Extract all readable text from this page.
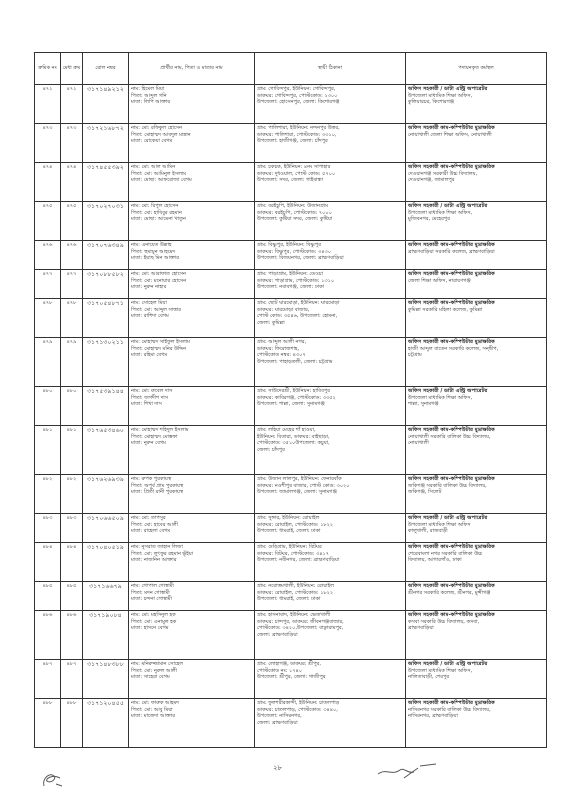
ক্রমিক নং	মেধা ক্রম	রোল নম্বর	প্রার্থীর নাম, পিতা ও মাতার নাম	স্থায়ী ঠিকানা	পদায়নকৃত কর্মস্থল
৪৭২	৪৭২	৩১৭১৪৯২১২	নাম: হিমেল মিয়া
পিতা: আব্দুল গনি
মাতা: লিপি আক্তার	গ্রাম: গোবিন্দপুর, ইউনিয়ন: গোবিন্দপুর,
ডাকঘর: গোবিন্দপুর, পোস্টকোড: ২৩০০
উপজেলা: হোসেনপুর, জেলা: কিশোরগঞ্জ	অফিস সহকারী / ডাটা এন্ট্রি অপারেটর
উপজেলা মাধ্যমিক শিক্ষা অফিস,
কুলিয়ারচর, কিশোরগঞ্জ

৪৭৩	৪৭৩	৩১৭২১৬৮৭২	নাম: মো: রফিকুল হোসেন
পিতা: মোহাম্মদ আবদুল মান্নান
মাতা: রোকেয়া বেগম	গ্রাম: পালিশারা, ইউনিয়ন: নন্দনপুর উত্তর,
ডাকঘর: পালিশারা, পোস্টকোড: ৩৩১০,
উপজেলা: হাজীগঞ্জ, জেলা: চাঁদপুর	অফিস সহকারী কাম-কম্পিউটার মুদ্রাক্ষরিক
নোয়াখালী জেলা শিক্ষা অফিস, নোয়াখালী

৪৭৪	৪৭৪	৩১৭৪৫৫৩৯২	নাম: মো: আল আমিন
পিতা: মো: আমিনুল ইসলাম
মাতা: মোছা: আফরোজা বেগম	গ্রাম: চকচক, ইউনিয়ন: ৪নং সাপাহার
ডাকঘর: দুধওয়াল, পোস্ট কোড: ৫৭০০
উপজেলা: সদর, জেলা: গাইবান্ধা	অফিস সহকারী কাম-কম্পিউটার মুদ্রাক্ষরিক
দেওয়ানগঞ্জ সরকারী উচ্চ বিদ্যালয়,
দেওয়ানগঞ্জ, জামালপুর

৪৭৫	৪৭৫	৩১৭০২৭০৩১	নাম: মো: রিপুল হোসেন
পিতা: মো: হাবিবুর রহমান
মাতা: মোছা: আমেনা খাতুন	গ্রাম: বরইচুপি, ইউনিয়ন: উজানগ্রাম
ডাকঘর: বরইচুপি, পোস্টকোড: ৭০০০
উপজেলা: কুষ্টিয়া সদর, জেলা: কুষ্টিয়া	অফিস সহকারী / ডাটা এন্ট্রি অপারেটর
উপজেলা মাধ্যমিক শিক্ষা অফিস,
মুজিবনগর, মেহেরপুর

৪৭৬	৪৭৬	৩১৭০৭৬৩৪৯	নাম: এনায়েত উল্লাহ
পিতা: হুমায়ুন আহমেদ
মাতা: ইয়াছ মিন আক্তার	গ্রাম: বিষ্ণুপুর, ইউনিয়ন: বিষ্ণুপুর
ডাকঘর: বিষ্ণুপুর, পোস্টকোড: ৩৪৩০
উপজেলা: বিজয়নগর, জেলা: ব্রাহ্মণবাড়িয়া	অফিস সহকারী কাম-কম্পিউটার মুদ্রাক্ষরিক
ব্রাহ্মণবাড়িয়া সরকারি কলেজ, ব্রাহ্মণবাড়িয়া

৪৭৭	৪৭৭	৩১৭০৮৮৫৮২	নাম: মো: আরাফাত হোসেন
পিতা: মো: মনোয়ার হোসেন
মাতা: নুরুন নাহার	গ্রাম: পাড়াগ্রাম, ইউনিয়ন: ডেওচা
ডাকঘর: পাড়াগ্রাম, পোস্টকোড: ১৩১০
উপজেলা: নবাবগঞ্জ, জেলা: ঢাকা	অফিস সহকারী কাম-কম্পিউটার মুদ্রাক্ষরিক
জেলা শিক্ষা অফিস, নারায়ণগঞ্জ

৪৭৮	৪৭৮	৩১৭০৫৪৮৭১	নাম: সোহেল মিয়া
পিতা: মো: আব্দুল সাত্তার
মাতা: রাশিদা বেগম	গ্রাম: ছোট ঘারমোড়া, ইউনিয়ন: ঘারমোড়া
ডাকঘর: ঘারমোড়া বাজার,
পোস্ট কোড: ৩৫৪৬, উপজেলা: হোমনা,
জেলা: কুমিল্লা	অফিস সহকারী কাম-কম্পিউটার মুদ্রাক্ষরিক
কুমিল্লা সরকারি মহিলা কলেজ, কুমিল্লা

৪৭৯	৪৭৯	৩১৭১৩০২১১	নাম: মোহাম্মদ সাইফুল ইসলাম
পিতা: মোহাম্মদ মনির উদ্দিন
মাতা: রহিমা বেগম	গ্রাম: আব্দুল আলী নগর,
ডাকঘর: ফিরোজশাহ,
পোস্টকোড নম্বর: ৪৩০৭
উপজেলা: পাহাড়তলী, জেলা: চট্টগ্রাম	অফিস সহকারী কাম-কম্পিউটার মুদ্রাক্ষরিক
হাজী আব্দুল বাতেন সরকারি কলেজ, সন্দ্বীপ,
চট্টগ্রাম

৪৮০	৪৮০	৩১৭৫৩৯১৪৪	নাম: মো: রুবেল দাস
পিতা: জগদীশ দাস
মাতা: শিখা দাস	গ্রাম: সাউদেরশ্রী, ইউনিয়ন: হাবিবপুর
ডাকঘর: কাবিরগঞ্জ, পোস্টকোড: ৩৩৫২
উপজেলা: শাল্লা, জেলা: সুনামগঞ্জ	অফিস সহকারী / ডাটা এন্ট্রি অপারেটর
উপজেলা মাধ্যমিক শিক্ষা অফিস,
শাল্লা, সুনামগঞ্জ

৪৮১	৪৮১	৩১৭৬৫৩৪৬০	নাম: মোহাম্মদ শহিদুল ইসলাম
পিতা: মোহাম্মদ মোস্তফা
মাতা: নুরুন বেগম	গ্রাম: লহিয়া মেহের শাঁ হাওয়া,
ইউনিয়ন: বিতারা, ডাকঘর: বাইছাড়া,
পোস্টকোড: ৩৫১০উপজেলা: কচুয়া,
জেলা: চাঁদপুর	অফিস সহকারী কাম-কম্পিউটার মুদ্রাক্ষরিক
নোয়াখালী সরকারি বালিকা উচ্চ বিদ্যালয়,
নোয়াখালী

৪৮২	৪৮২	৩১৭৬২৬৯৩৯	নাম: রুপক পুরকায়স্থ
পিতা: অপূর্ব প্রাম পুরকায়স্থ
মাতা: প্রিতী রানী পুরকায়স্থ	গ্রাম: উজান লালপুর, ইউনিয়ন: ফেনারবাঁক
ডাকঘর: নওশীপুর বাজার, পোস্ট কোড: ৩০২০
উপজেলা: জামালগঞ্জ, জেলা: সুনামগঞ্জ	অফিস সহকারী কাম-কম্পিউটার মুদ্রাক্ষরিক
জকিগঞ্জ সরকারি বালিকা উচ্চ বিদ্যালয়,
জকিগঞ্জ, সিলেট

৪৮৩	৪৮৩	৩১৭০৬৬৫০৯	নাম: মো: তাপসুর
পিতা: মো: হাবের আলী
মাতা: রাহেলা বেগম	গ্রাম: সুঙ্গার, ইউনিয়ন: রোয়াইল
ডাকঘর: রোয়াইল, পোস্টকোড: ১৮২২
উপজেলা: ধামরাই, জেলা: ঢাকা	অফিস সহকারী / ডাটা এন্ট্রি অপারেটর
উপজেলা মাধ্যমিক শিক্ষা অফিস
কালুখালী, রাজবাড়ী

৪৮৪	৪৮৪	৩১৭০৪০৫১৯	নাম: নুসরাত জাহান লিজা
পিতা: মো: লুৎফুর রহমান ভূঁইয়া
মাতা: নাজনিন আক্তার	গ্রাম: গুড়িগ্রাম, ইউনিয়ন: বিটঘর
ডাকঘর: বিটঘর, পোস্টকোড: ৩৪১৭
উপজেলা: নবীনগর, জেলা: ব্রাহ্মণবাড়িয়া	অফিস সহকারী কাম-কম্পিউটার মুদ্রাক্ষরিক
শেরেবাংলা নগর সরকারি বালিকা উচ্চ
বিদ্যালয়, আগারগাঁও, ঢাকা

৪৮৫	৪৮৫	৩১৭১৬৬৭৯	নাম: গোপাল গোস্বামী
পিতা: মদন গোস্বামী
মাতা: চন্দনা গোস্বামী	গ্রাম: নরোত্তমখালী, ইউনিয়ন: রোয়াইল
ডাকঘর: রোয়াইল, পোস্টকোড: ১৮২২
উপজেলা: ধামরাই, জেলা: ঢাকা	অফিস সহকারী কাম-কম্পিউটার মুদ্রাক্ষরিক
শ্রীনগর সরকারি কলেজ, শ্রীনগর, মুন্সীগঞ্জ

৪৮৬	৪৮৬	৩১৭১৯০৮৪	নাম: মো: মহসিনুল হক
পিতা: মো: এনামুল হক
মাতা: হাসনে বেগম	গ্রাম: হাসনাবাদ, ইউনিয়ন: ভেজখালী
ডাকঘর: চান্দপুর, ডাকঘর: জীবনগঞ্জবাজার,
পোস্টকোড: ৩৪২০,উপজেলা: বাঞ্ছারামপুর,
জেলা: ব্রাহ্মণবাড়িয়া	অফিস সহকারী কাম-কম্পিউটার মুদ্রাক্ষরিক
কসবা সরকারি উচ্চ বিদ্যালয়, কসবা,
ব্রাহ্মণবাড়িয়া

৪৮৭	৪৮৭	৩১৭১৪৮৩৮৮	নাম: মনিরুজ্জামান সোহেল
পিতা: মো: নুরুল আলী
মাতা: সাহেরা বেগম	গ্রাম: লোহাগঞ্জ, ডাকঘর: শ্রীপুর,
পোস্টকোড নং: ১৭৪০
উপজেলা: শ্রীপুর, জেলা: গাজীপুর	অফিস সহকারী / ডাটা এন্ট্রি অপারেটর
উপজেলা মাধ্যমিক শিক্ষা অফিস,
নালিতাবাড়ী, শেরপুর

৪৮৮	৪৮৮	৩১৭১২০৪৫৫	নাম: মো: ফারুক আহমদ
পিতা: মো: আবু মিয়া
মাতা: মাজেদা আক্তার	গ্রাম: ফুলশরীরকান্দী, ইউনিয়ন: চাতলপাড়
ডাকঘর: চাতলপাড়, পোস্টকোড: ৩৪৪০,
উপজেলা: নাসিরনগর,
জেলা: ব্রাহ্মণবাড়িয়া	অফিস সহকারী কাম-কম্পিউটার মুদ্রাক্ষরিক
নাসিরনগর সরকারি বালিকা উচ্চ বিদ্যালয়,
নাসিরনগর, ব্রাহ্মণবাড়িয়া
২৮
